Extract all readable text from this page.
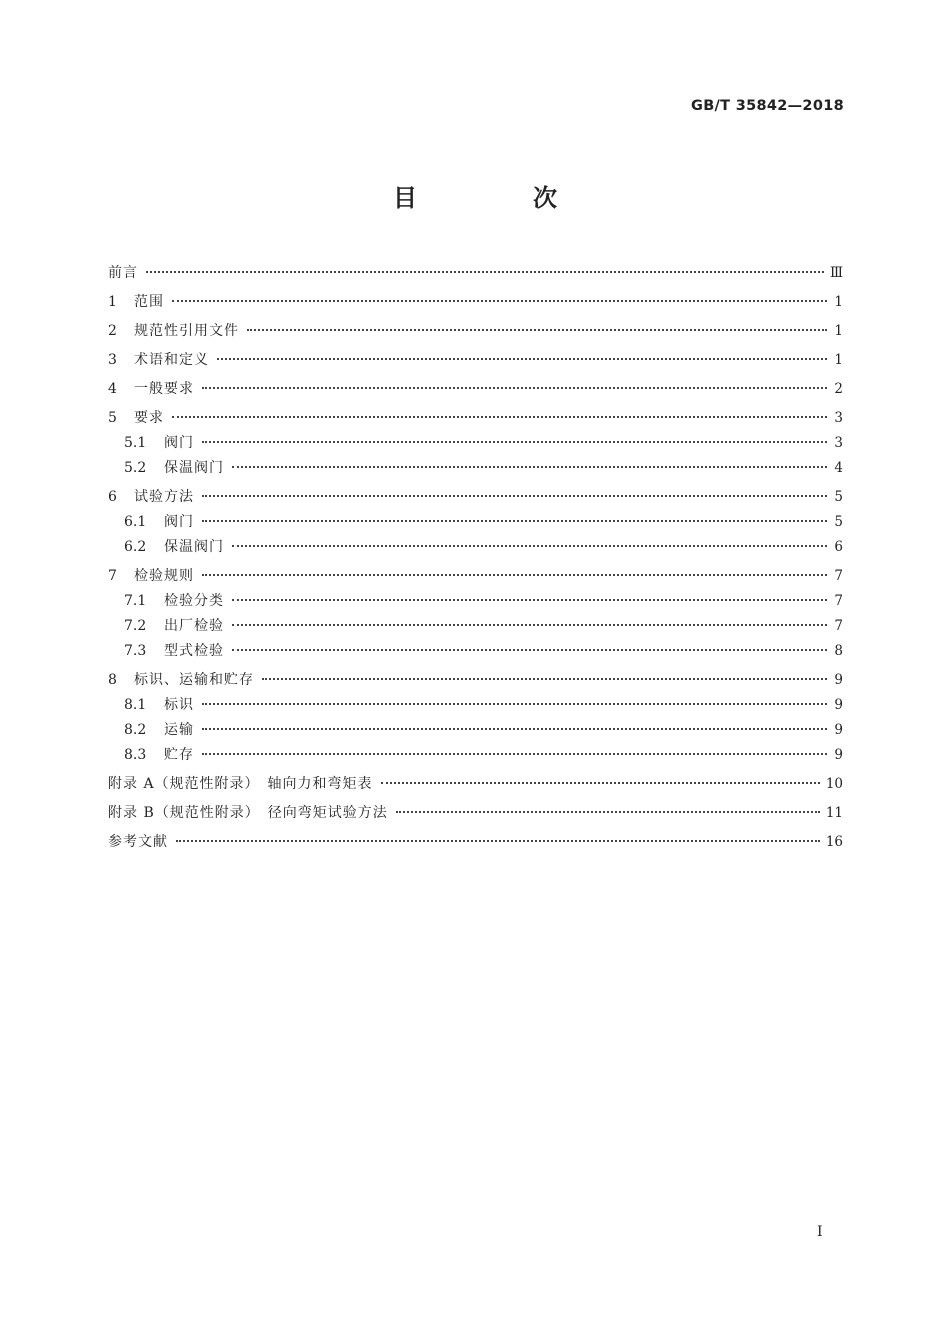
GB/T 35842—2018
目　次
前言	Ⅲ
1	范围	1
2	规范性引用文件	1
3	术语和定义	1
4	一般要求	2
5	要求	3
5.1	阀门	3
5.2	保温阀门	4
6	试验方法	5
6.1	阀门	5
6.2	保温阀门	6
7	检验规则	7
7.1	检验分类	7
7.2	出厂检验	7
7.3	型式检验	8
8	标识、运输和贮存	9
8.1	标识	9
8.2	运输	9
8.3	贮存	9
附录 A（规范性附录）　轴向力和弯矩表	10
附录 B（规范性附录）　径向弯矩试验方法	11
参考文献	16
I
